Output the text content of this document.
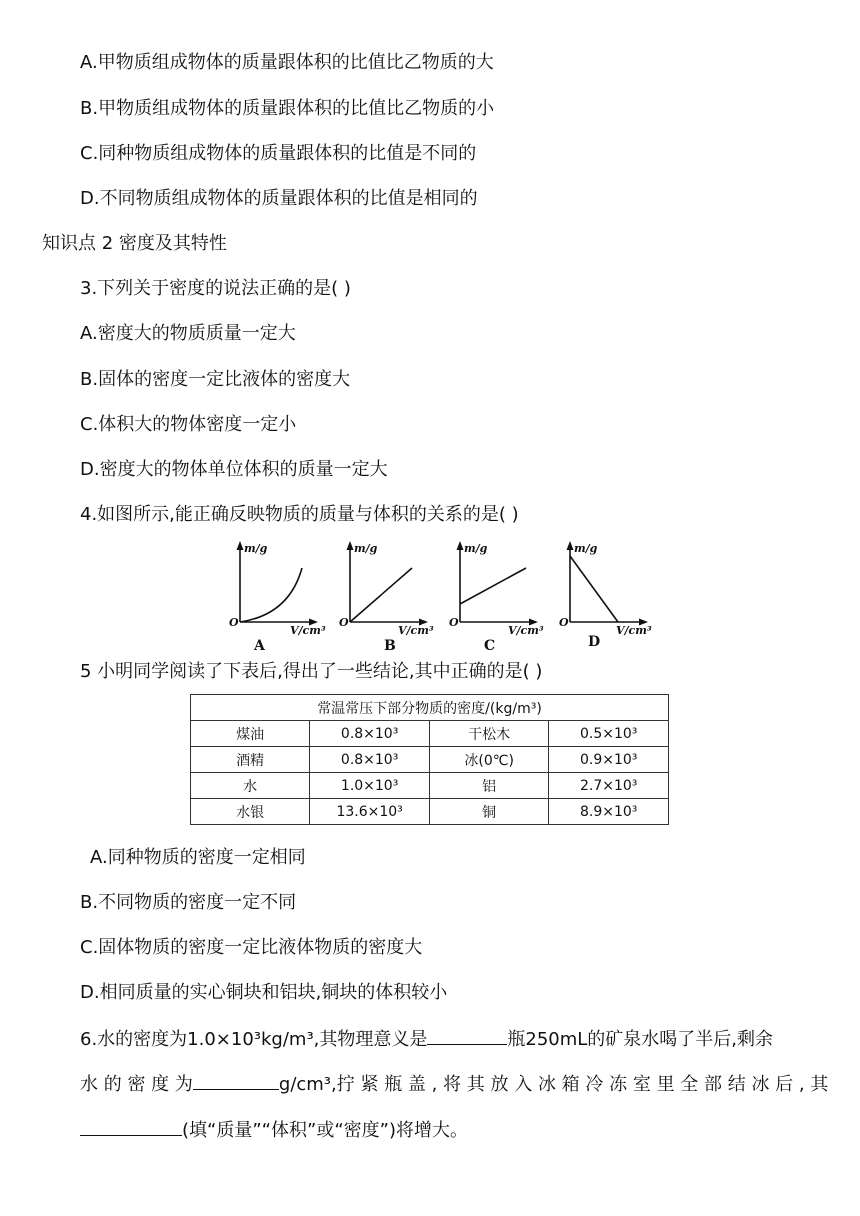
A.甲物质组成物体的质量跟体积的比值比乙物质的大
B.甲物质组成物体的质量跟体积的比值比乙物质的小
C.同种物质组成物体的质量跟体积的比值是不同的
D.不同物质组成物体的质量跟体积的比值是相同的
知识点 2 密度及其特性
3.下列关于密度的说法正确的是( )
A.密度大的物质质量一定大
B.固体的密度一定比液体的密度大
C.体积大的物体密度一定小
D.密度大的物体单位体积的质量一定大
4.如图所示,能正确反映物质的质量与体积的关系的是( )
m/g
O
V/cm³
A
m/g
O
V/cm³
B
m/g
O
V/cm³
C
m/g
O
V/cm³
D
5 小明同学阅读了下表后,得出了一些结论,其中正确的是( )
常温常压下部分物质的密度/(kg/m³)			
煤油	0.8×10³	干松木	0.5×10³
酒精	0.8×10³	冰(0℃)	0.9×10³
水	1.0×10³	铝	2.7×10³
水银	13.6×10³	铜	8.9×10³
A.同种物质的密度一定相同
B.不同物质的密度一定不同
C.固体物质的密度一定比液体物质的密度大
D.相同质量的实心铜块和铝块,铜块的体积较小
6.水的密度为1.0×10³kg/m³,其物理意义是	瓶250mL的矿泉水喝了半后,剩余
水 的 密 度 为	g/cm³,拧 紧 瓶 盖 , 将 其 放 入 冰 箱 冷 冻 室 里 全 部 结 冰 后 , 其
(填“质量”“体积”或“密度”)将增大。
